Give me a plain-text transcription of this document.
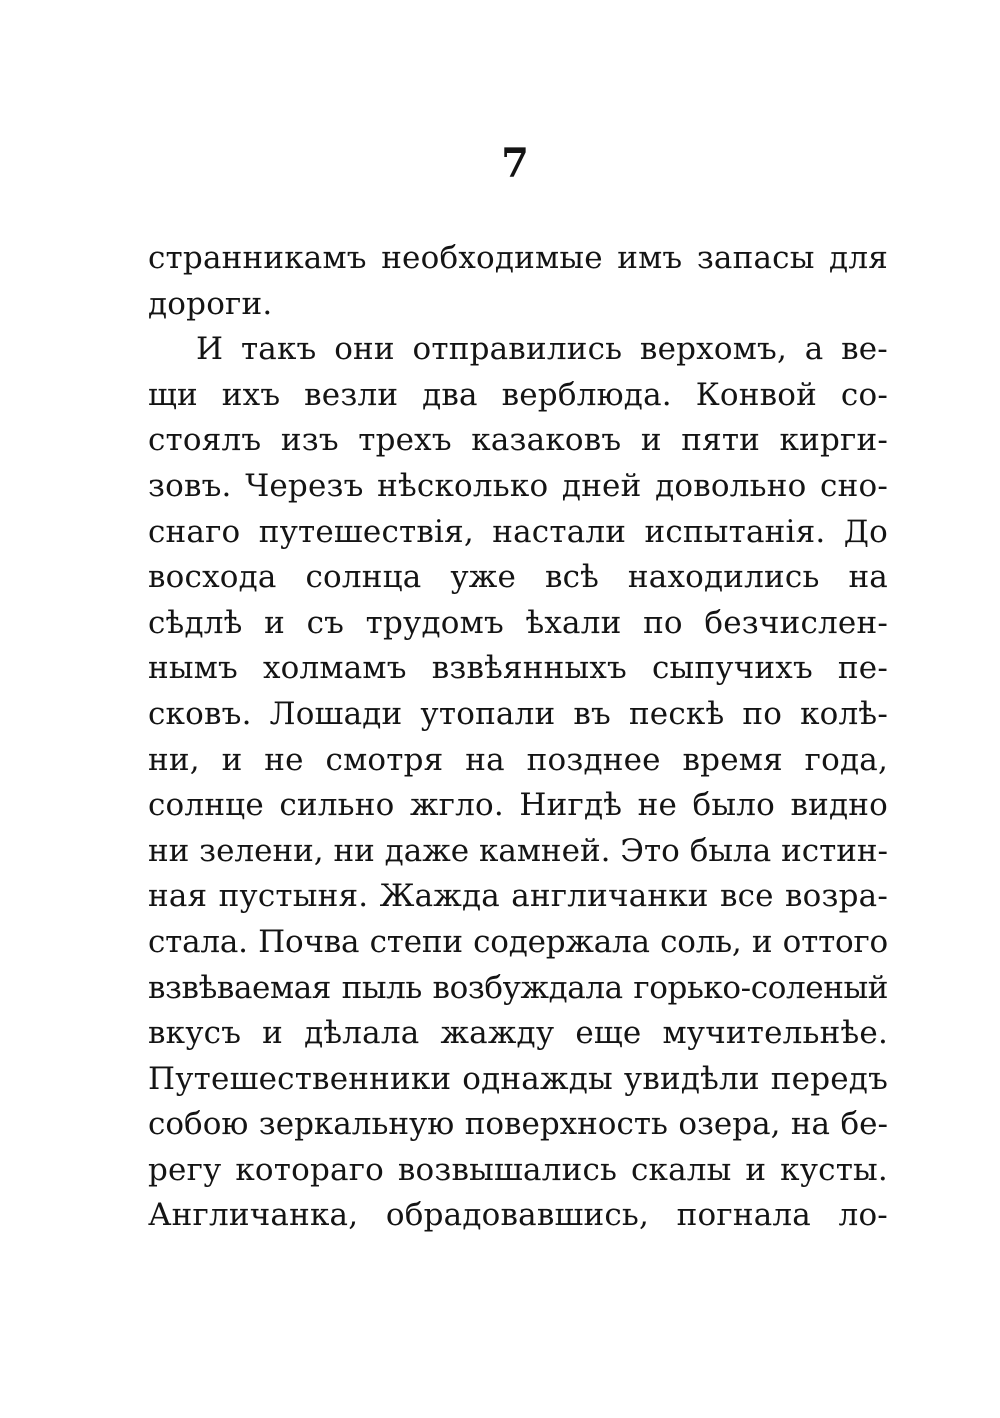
7
странникамъ необходимые имъ запасы для
дороги.
И такъ они отправились верхомъ, а ве-
щи ихъ везли два верблюда. Конвой со-
стоялъ изъ трехъ казаковъ и пяти кирги-
зовъ. Черезъ нѣсколько дней довольно сно-
снаго путешествія, настали испытанія. До
восхода солнца уже всѣ находились на
сѣдлѣ и съ трудомъ ѣхали по безчислен-
нымъ холмамъ взвѣянныхъ сыпучихъ пе-
сковъ. Лошади утопали въ пескѣ по колѣ-
ни, и не смотря на позднее время года,
солнце сильно жгло. Нигдѣ не было видно
ни зелени, ни даже камней. Это была истин-
ная пустыня. Жажда англичанки все возра-
стала. Почва степи содержала соль, и оттого
взвѣваемая пыль возбуждала горько-соленый
вкусъ и дѣлала жажду еще мучительнѣе.
Путешественники однажды увидѣли передъ
собою зеркальную поверхность озера, на бе-
регу котораго возвышались скалы и кусты.
Англичанка, обрадовавшись, погнала ло-
